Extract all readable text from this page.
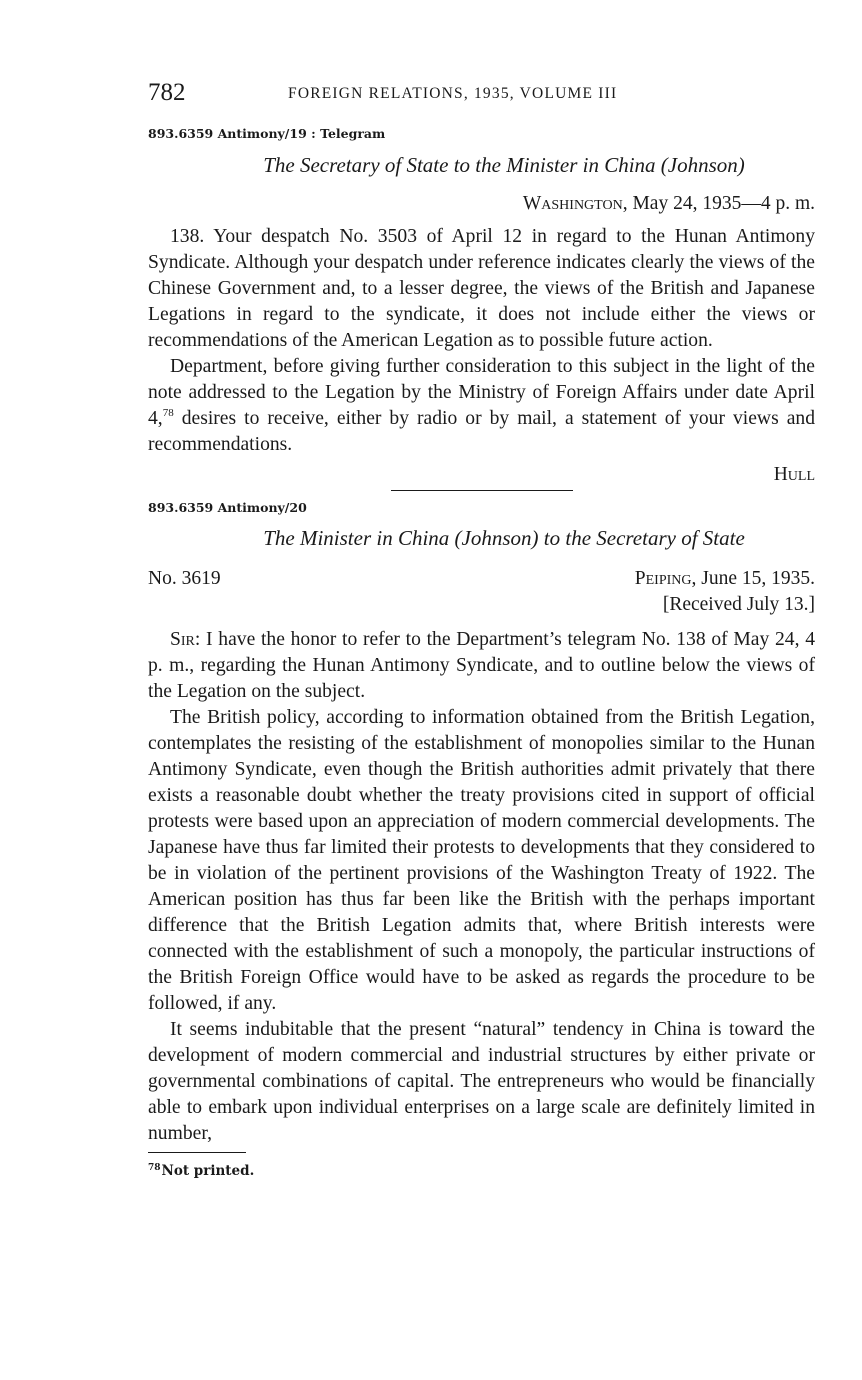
782	FOREIGN RELATIONS, 1935, VOLUME III
893.6359 Antimony/19 : Telegram
The Secretary of State to the Minister in China (Johnson)
Washington, May 24, 1935—4 p. m.

138. Your despatch No. 3503 of April 12 in regard to the Hunan Antimony Syndicate. Although your despatch under reference indicates clearly the views of the Chinese Government and, to a lesser degree, the views of the British and Japanese Legations in regard to the syndicate, it does not include either the views or recommendations of the American Legation as to possible future action.

Department, before giving further consideration to this subject in the light of the note addressed to the Legation by the Ministry of Foreign Affairs under date April 4,78 desires to receive, either by radio or by mail, a statement of your views and recommendations.

Hull
893.6359 Antimony/20
The Minister in China (Johnson) to the Secretary of State
No. 3619	Peiping, June 15, 1935.
[Received July 13.]

Sir: I have the honor to refer to the Department’s telegram No. 138 of May 24, 4 p. m., regarding the Hunan Antimony Syndicate, and to outline below the views of the Legation on the subject.

The British policy, according to information obtained from the British Legation, contemplates the resisting of the establishment of monopolies similar to the Hunan Antimony Syndicate, even though the British authorities admit privately that there exists a reasonable doubt whether the treaty provisions cited in support of official protests were based upon an appreciation of modern commercial developments. The Japanese have thus far limited their protests to developments that they considered to be in violation of the pertinent provisions of the Washington Treaty of 1922. The American position has thus far been like the British with the perhaps important difference that the British Legation admits that, where British interests were connected with the establishment of such a monopoly, the particular instructions of the British Foreign Office would have to be asked as regards the procedure to be followed, if any.

It seems indubitable that the present “natural” tendency in China is toward the development of modern commercial and industrial structures by either private or governmental combinations of capital. The entrepreneurs who would be financially able to embark upon individual enterprises on a large scale are definitely limited in number,

$^{78}$Not printed.
